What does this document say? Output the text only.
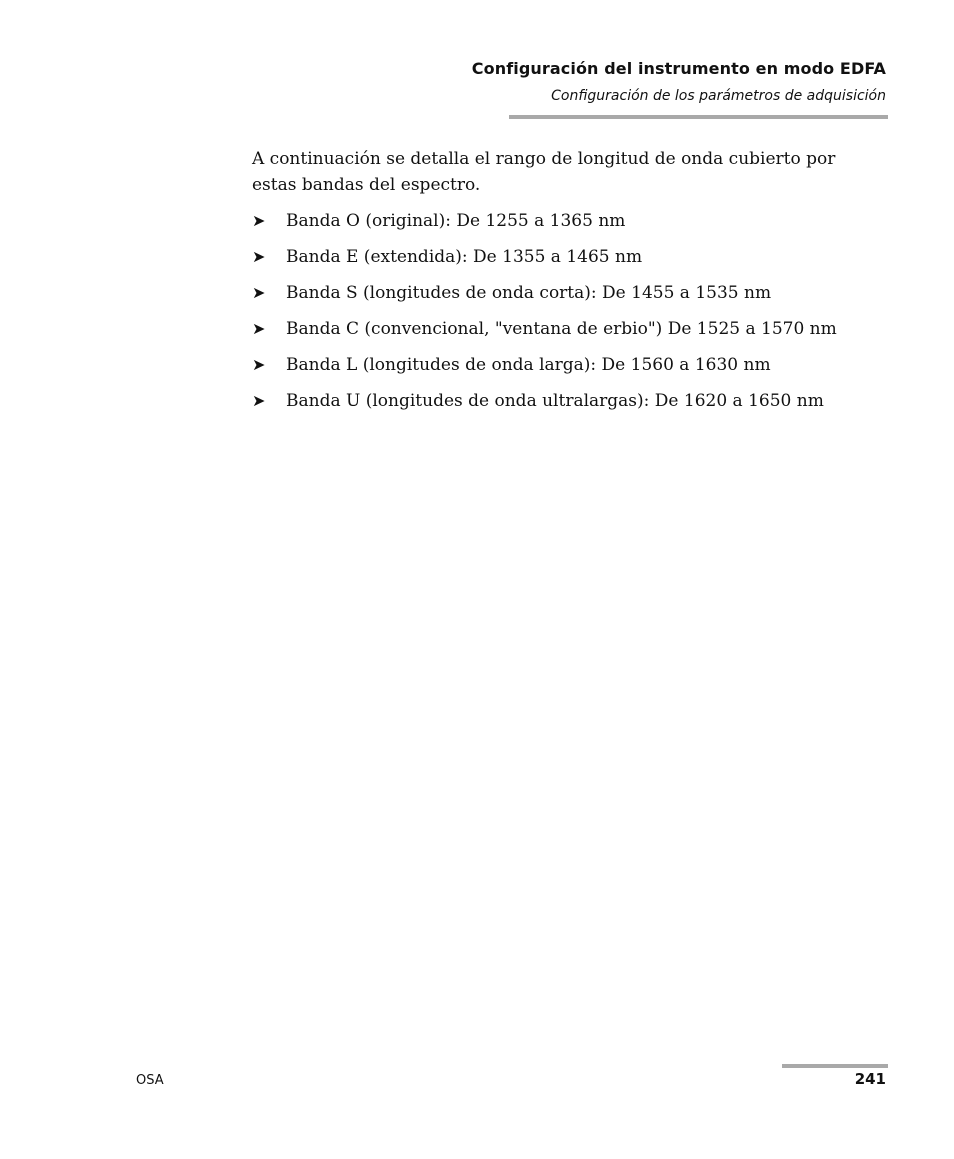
Configuración del instrumento en modo EDFA
Configuración de los parámetros de adquisición

A continuación se detalla el rango de longitud de onda cubierto por estas bandas del espectro.

➤	Banda O (original): De 1255 a 1365 nm
➤	Banda E (extendida): De 1355 a 1465 nm
➤	Banda S (longitudes de onda corta): De 1455 a 1535 nm
➤	Banda C (convencional, "ventana de erbio") De 1525 a 1570 nm
➤	Banda L (longitudes de onda larga): De 1560 a 1630 nm
➤	Banda U (longitudes de onda ultralargas): De 1620 a 1650 nm
OSA	241
